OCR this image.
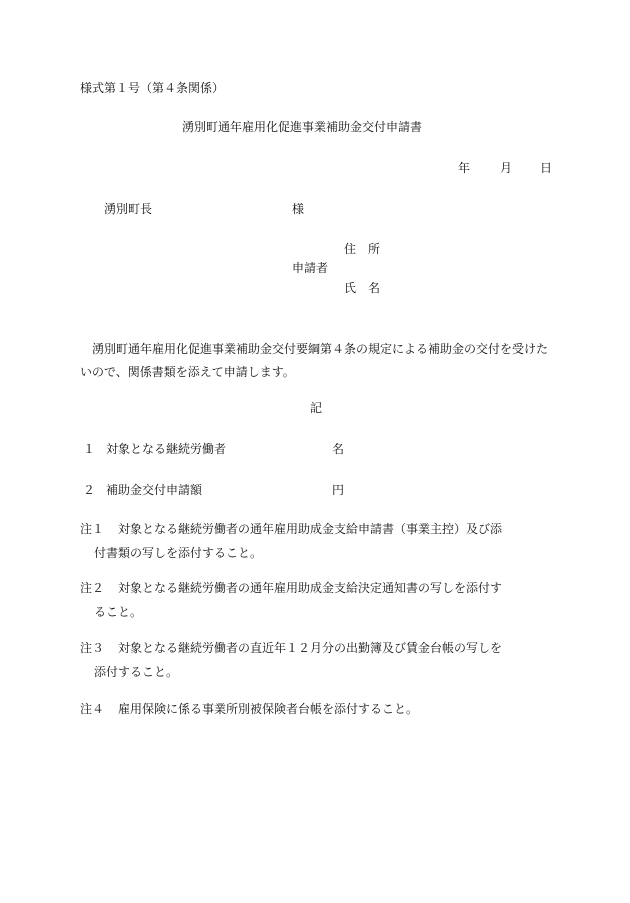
様式第１号（第４条関係）
湧別町通年雇用化促進事業補助金交付申請書
年 月 日
湧別町長	様
住　所
申請者
氏　名
湧別町通年雇用化促進事業補助金交付要綱第４条の規定による補助金の交付を受けたいので、関係書類を添えて申請します。
記
１ 対象となる継続労働者	名
２ 補助金交付申請額	円
注１ 対象となる継続労働者の通年雇用助成金支給申請書（事業主控）及び添
付書類の写しを添付すること。
注２ 対象となる継続労働者の通年雇用助成金支給決定通知書の写しを添付す
ること。
注３ 対象となる継続労働者の直近年１２月分の出勤簿及び賃金台帳の写しを
添付すること。
注４ 雇用保険に係る事業所別被保険者台帳を添付すること。
